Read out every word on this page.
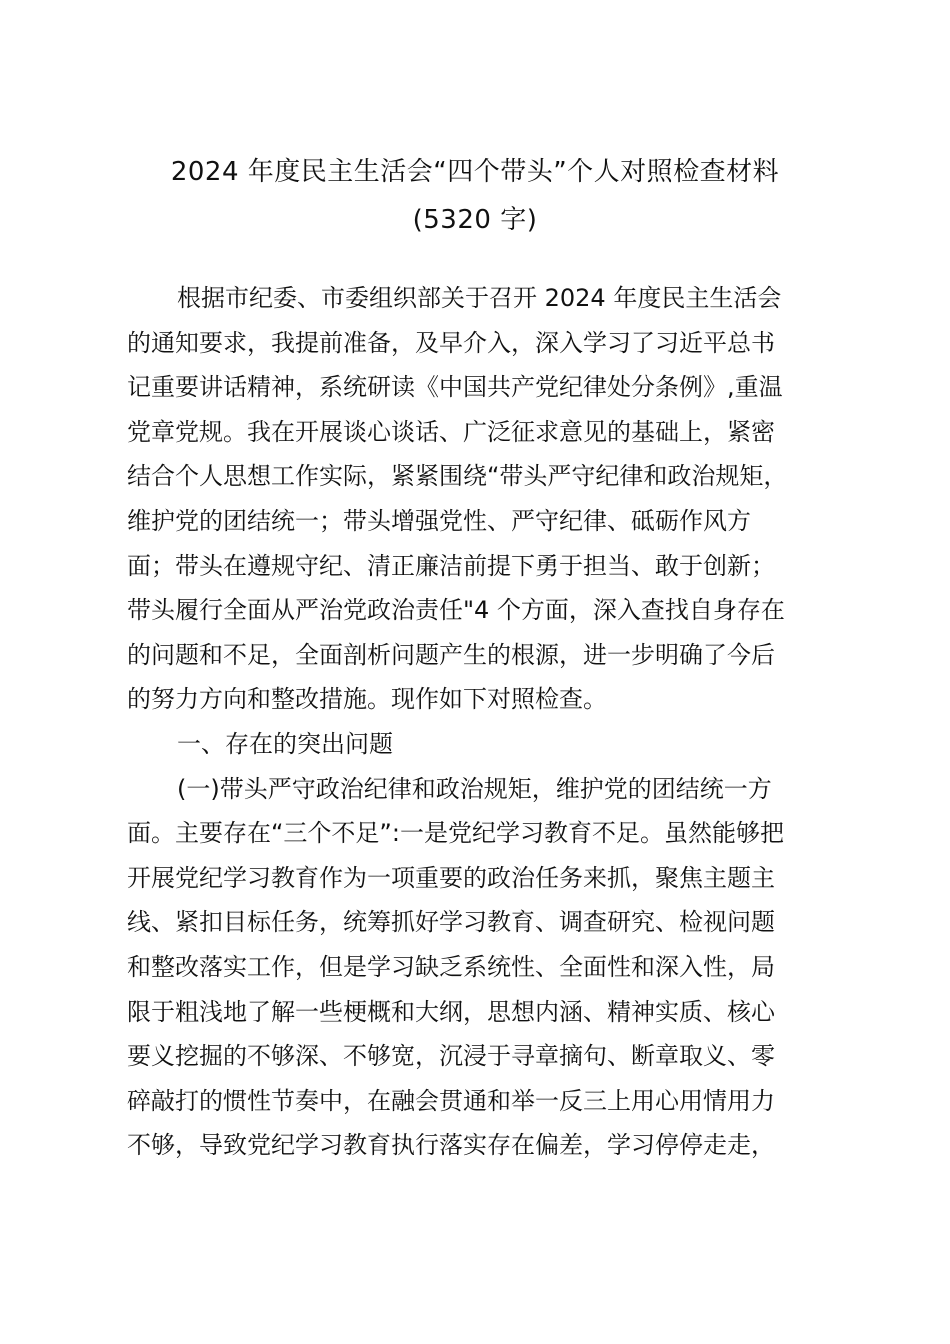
2024 年度民主生活会“四个带头”个人对照检查材料
(5320 字)
根据市纪委、市委组织部关于召开 2024 年度民主生活会
的通知要求，我提前准备，及早介入，深入学习了习近平总书
记重要讲话精神，系统研读《中国共产党纪律处分条例》,重温
党章党规。我在开展谈心谈话、广泛征求意见的基础上，紧密
结合个人思想工作实际，紧紧围绕“带头严守纪律和政治规矩，
维护党的团结统一；带头增强党性、严守纪律、砥砺作风方
面；带头在遵规守纪、清正廉洁前提下勇于担当、敢于创新；
带头履行全面从严治党政治责任"4 个方面，深入查找自身存在
的问题和不足，全面剖析问题产生的根源，进一步明确了今后
的努力方向和整改措施。现作如下对照检查。
一、存在的突出问题
(一)带头严守政治纪律和政治规矩，维护党的团结统一方
面。主要存在“三个不足”:一是党纪学习教育不足。虽然能够把
开展党纪学习教育作为一项重要的政治任务来抓，聚焦主题主
线、紧扣目标任务，统筹抓好学习教育、调查研究、检视问题
和整改落实工作，但是学习缺乏系统性、全面性和深入性，局
限于粗浅地了解一些梗概和大纲，思想内涵、精神实质、核心
要义挖掘的不够深、不够宽，沉浸于寻章摘句、断章取义、零
碎敲打的惯性节奏中，在融会贯通和举一反三上用心用情用力
不够，导致党纪学习教育执行落实存在偏差，学习停停走走，
